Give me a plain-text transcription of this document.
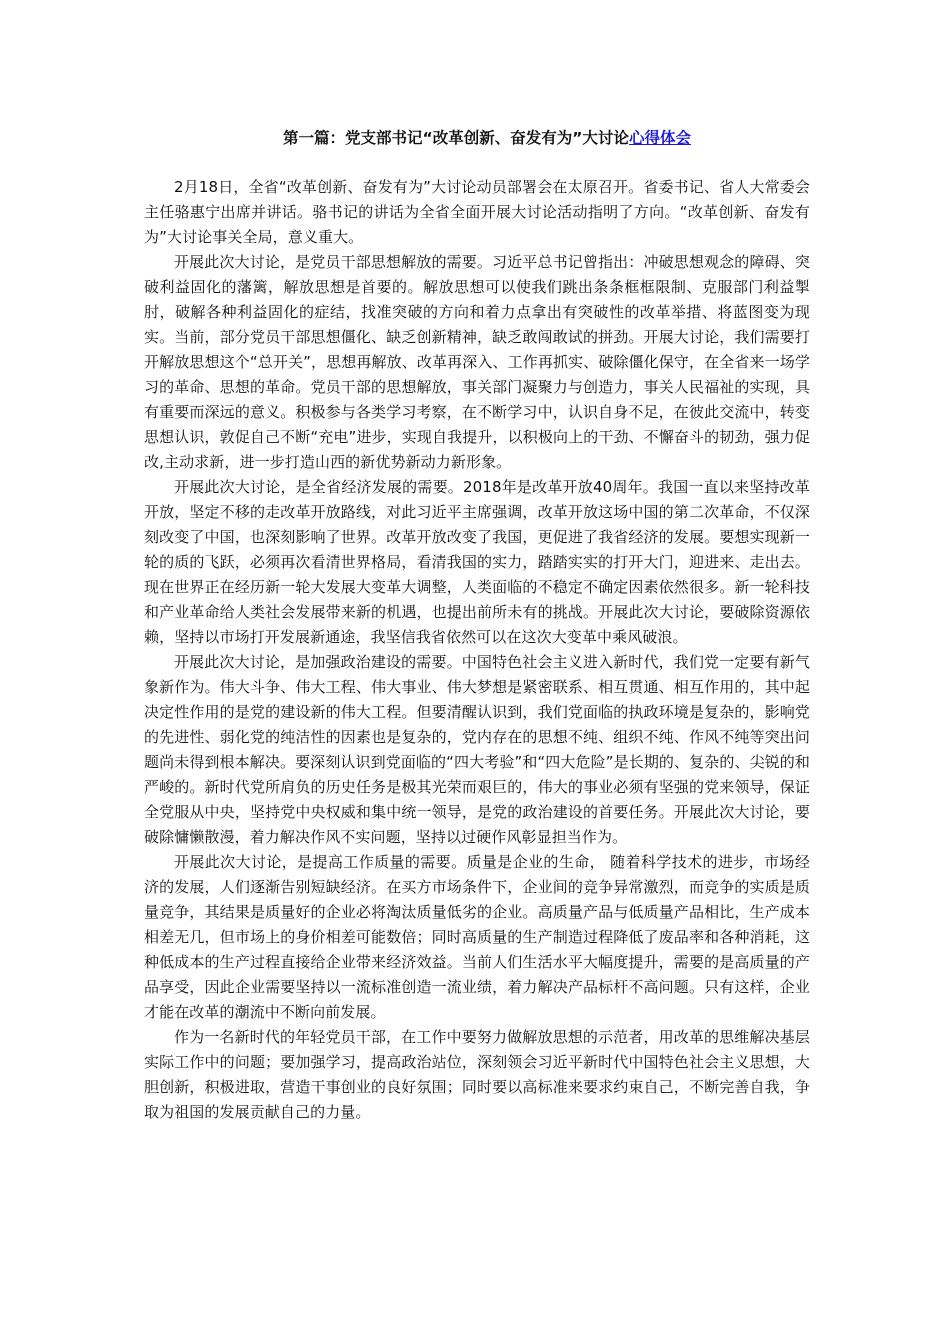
第一篇：党支部书记“改革创新、奋发有为”大讨论心得体会

2月18日，全省“改革创新、奋发有为”大讨论动员部署会在太原召开。省委书记、省人大常委会主任骆惠宁出席并讲话。骆书记的讲话为全省全面开展大讨论活动指明了方向。“改革创新、奋发有为”大讨论事关全局，意义重大。

开展此次大讨论，是党员干部思想解放的需要。习近平总书记曾指出：冲破思想观念的障碍、突破利益固化的藩篱，解放思想是首要的。解放思想可以使我们跳出条条框框限制、克服部门利益掣肘，破解各种利益固化的症结，找准突破的方向和着力点拿出有突破性的改革举措、将蓝图变为现实。当前，部分党员干部思想僵化、缺乏创新精神，缺乏敢闯敢试的拼劲。开展大讨论，我们需要打开解放思想这个“总开关”，思想再解放、改革再深入、工作再抓实、破除僵化保守，在全省来一场学习的革命、思想的革命。党员干部的思想解放，事关部门凝聚力与创造力，事关人民福祉的实现，具有重要而深远的意义。积极参与各类学习考察，在不断学习中，认识自身不足，在彼此交流中，转变思想认识，敦促自己不断“充电”进步，实现自我提升，以积极向上的干劲、不懈奋斗的韧劲，强力促改,主动求新，进一步打造山西的新优势新动力新形象。

开展此次大讨论，是全省经济发展的需要。2018年是改革开放40周年。我国一直以来坚持改革开放，坚定不移的走改革开放路线，对此习近平主席强调，改革开放这场中国的第二次革命，不仅深刻改变了中国，也深刻影响了世界。改革开放改变了我国，更促进了我省经济的发展。要想实现新一轮的质的飞跃，必须再次看清世界格局，看清我国的实力，踏踏实实的打开大门，迎进来、走出去。现在世界正在经历新一轮大发展大变革大调整，人类面临的不稳定不确定因素依然很多。新一轮科技和产业革命给人类社会发展带来新的机遇，也提出前所未有的挑战。开展此次大讨论，要破除资源依赖，坚持以市场打开发展新通途，我坚信我省依然可以在这次大变革中乘风破浪。

开展此次大讨论，是加强政治建设的需要。中国特色社会主义进入新时代，我们党一定要有新气象新作为。伟大斗争、伟大工程、伟大事业、伟大梦想是紧密联系、相互贯通、相互作用的，其中起决定性作用的是党的建设新的伟大工程。但要清醒认识到，我们党面临的执政环境是复杂的，影响党的先进性、弱化党的纯洁性的因素也是复杂的，党内存在的思想不纯、组织不纯、作风不纯等突出问题尚未得到根本解决。要深刻认识到党面临的“四大考验”和“四大危险”是长期的、复杂的、尖锐的和严峻的。新时代党所肩负的历史任务是极其光荣而艰巨的，伟大的事业必须有坚强的党来领导，保证全党服从中央，坚持党中央权威和集中统一领导，是党的政治建设的首要任务。开展此次大讨论，要破除慵懒散漫，着力解决作风不实问题，坚持以过硬作风彰显担当作为。

开展此次大讨论，是提高工作质量的需要。质量是企业的生命， 随着科学技术的进步，市场经济的发展，人们逐渐告别短缺经济。在买方市场条件下，企业间的竞争异常激烈，而竞争的实质是质量竞争，其结果是质量好的企业必将淘汰质量低劣的企业。高质量产品与低质量产品相比，生产成本相差无几，但市场上的身价相差可能数倍；同时高质量的生产制造过程降低了废品率和各种消耗，这种低成本的生产过程直接给企业带来经济效益。当前人们生活水平大幅度提升，需要的是高质量的产品享受，因此企业需要坚持以一流标准创造一流业绩，着力解决产品标杆不高问题。只有这样，企业才能在改革的潮流中不断向前发展。

作为一名新时代的年轻党员干部，在工作中要努力做解放思想的示范者，用改革的思维解决基层实际工作中的问题；要加强学习，提高政治站位，深刻领会习近平新时代中国特色社会主义思想，大胆创新，积极进取，营造干事创业的良好氛围；同时要以高标准来要求约束自己，不断完善自我，争取为祖国的发展贡献自己的力量。
